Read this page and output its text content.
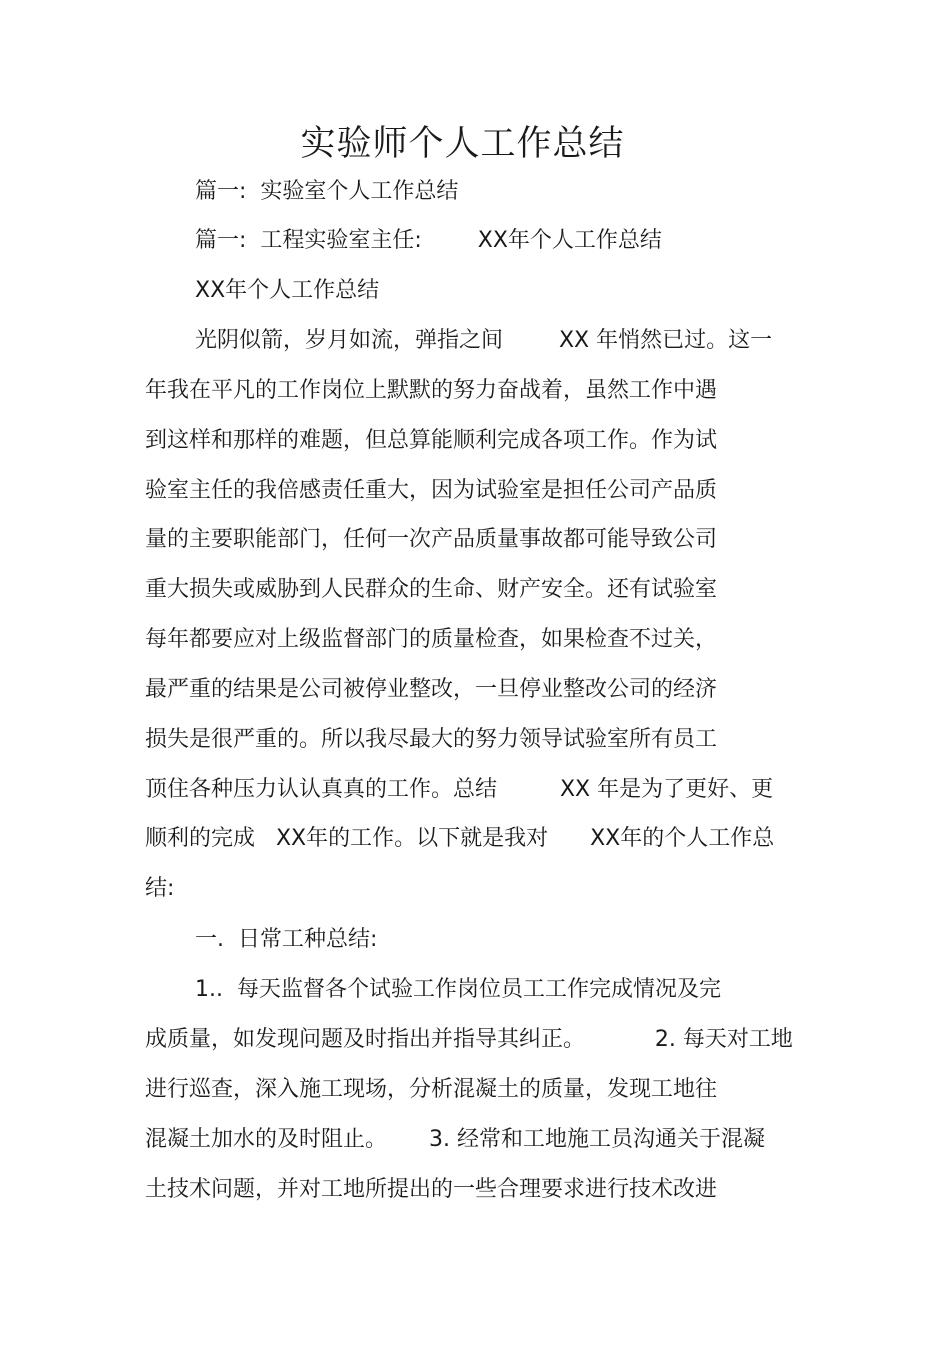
实验师个人工作总结
篇一:  实验室个人工作总结
篇一:  工程实验室主任:        XX年个人工作总结
XX年个人工作总结
光阴似箭，岁月如流，弹指之间        XX 年悄然已过。这一
年我在平凡的工作岗位上默默的努力奋战着，虽然工作中遇
到这样和那样的难题，但总算能顺利完成各项工作。作为试
验室主任的我倍感责任重大，因为试验室是担任公司产品质
量的主要职能部门，任何一次产品质量事故都可能导致公司
重大损失或威胁到人民群众的生命、财产安全。还有试验室
每年都要应对上级监督部门的质量检查，如果检查不过关，
最严重的结果是公司被停业整改，一旦停业整改公司的经济
损失是很严重的。所以我尽最大的努力领导试验室所有员工
顶住各种压力认认真真的工作。总结         XX 年是为了更好、更
顺利的完成   XX年的工作。以下就是我对      XX年的个人工作总
结:
一.  日常工种总结:
1..  每天监督各个试验工作岗位员工工作完成情况及完
成质量，如发现问题及时指出并指导其纠正。          2. 每天对工地
进行巡查，深入施工现场，分析混凝土的质量，发现工地往
混凝土加水的及时阻止。      3. 经常和工地施工员沟通关于混凝
土技术问题，并对工地所提出的一些合理要求进行技术改进
